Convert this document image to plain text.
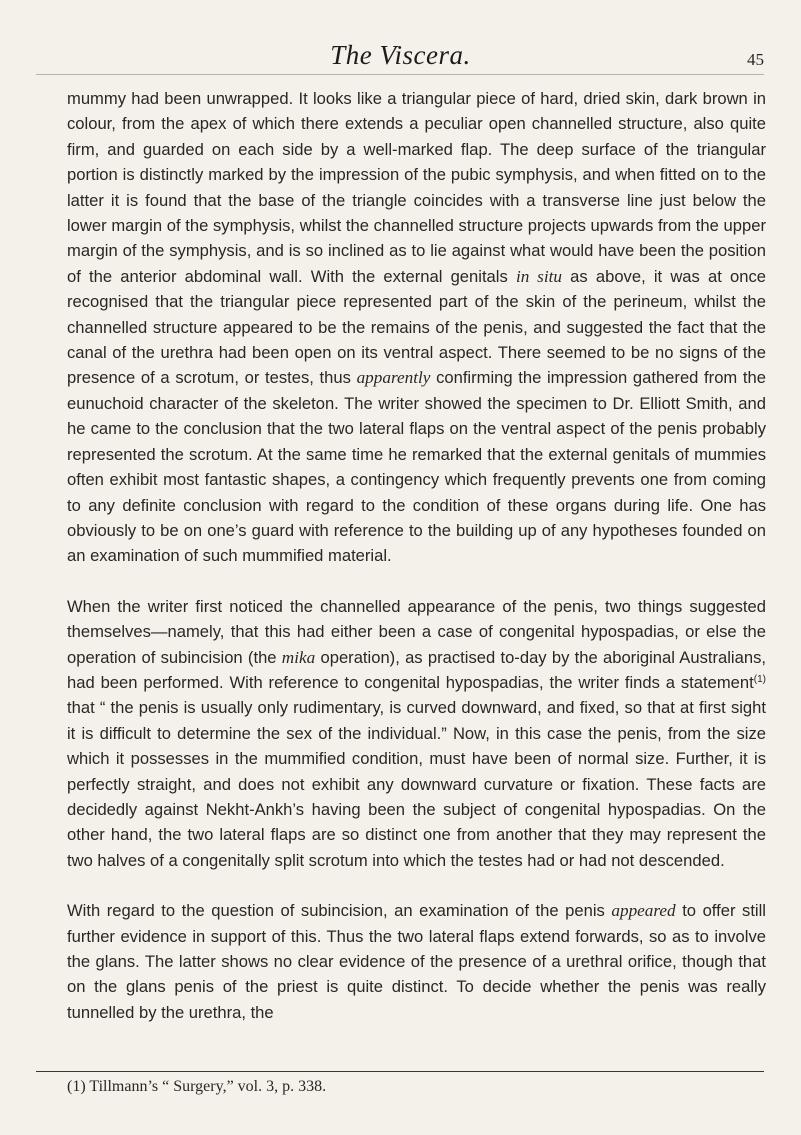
The Viscera.	45

mummy had been unwrapped. It looks like a triangular piece of hard, dried skin, dark brown in colour, from the apex of which there extends a peculiar open channelled structure, also quite firm, and guarded on each side by a well-marked flap. The deep surface of the triangular portion is distinctly marked by the impression of the pubic symphysis, and when fitted on to the latter it is found that the base of the triangle coincides with a transverse line just below the lower margin of the symphysis, whilst the channelled structure projects upwards from the upper margin of the symphysis, and is so inclined as to lie against what would have been the position of the anterior abdominal wall. With the external genitals in situ as above, it was at once recognised that the triangular piece represented part of the skin of the perineum, whilst the channelled structure appeared to be the remains of the penis, and suggested the fact that the canal of the urethra had been open on its ventral aspect. There seemed to be no signs of the presence of a scrotum, or testes, thus apparently confirming the impression gathered from the eunuchoid character of the skeleton. The writer showed the specimen to Dr. Elliott Smith, and he came to the conclusion that the two lateral flaps on the ventral aspect of the penis probably represented the scrotum. At the same time he remarked that the external genitals of mummies often exhibit most fantastic shapes, a contingency which frequently prevents one from coming to any definite conclusion with regard to the condition of these organs during life. One has obviously to be on one’s guard with reference to the building up of any hypotheses founded on an examination of such mummified material.

When the writer first noticed the channelled appearance of the penis, two things suggested themselves—namely, that this had either been a case of congenital hypospadias, or else the operation of subincision (the mika operation), as practised to-day by the aboriginal Australians, had been performed. With reference to congenital hypospadias, the writer finds a statement$^{(1)}$ that “ the penis is usually only rudimentary, is curved downward, and fixed, so that at first sight it is difficult to determine the sex of the individual.” Now, in this case the penis, from the size which it possesses in the mummified condition, must have been of normal size. Further, it is perfectly straight, and does not exhibit any downward curvature or fixation. These facts are decidedly against Nekht-Ankh’s having been the subject of congenital hypospadias. On the other hand, the two lateral flaps are so distinct one from another that they may represent the two halves of a congenitally split scrotum into which the testes had or had not descended.

With regard to the question of subincision, an examination of the penis appeared to offer still further evidence in support of this. Thus the two lateral flaps extend forwards, so as to involve the glans. The latter shows no clear evidence of the presence of a urethral orifice, though that on the glans penis of the priest is quite distinct. To decide whether the penis was really tunnelled by the urethra, the

(1) Tillmann’s “ Surgery,” vol. 3, p. 338.
